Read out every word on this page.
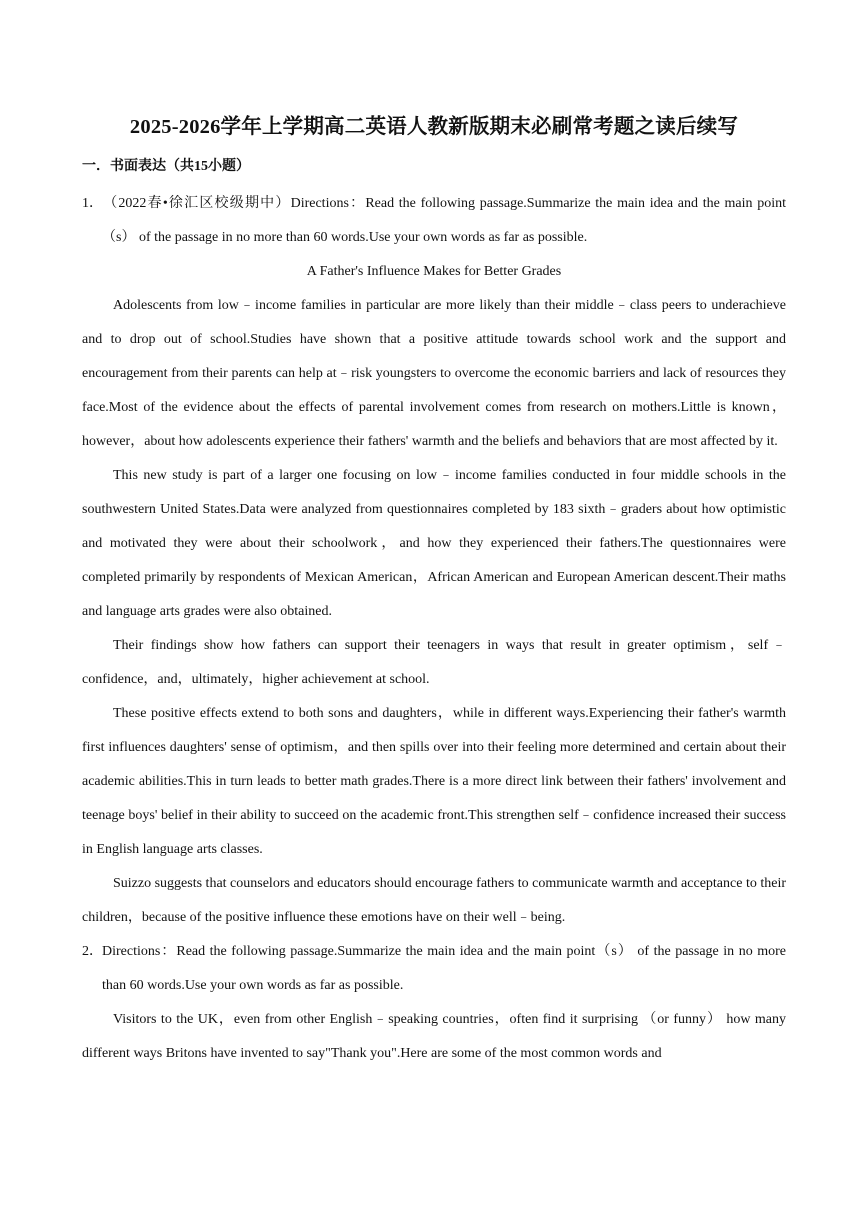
2025-2026学年上学期高二英语人教新版期末必刷常考题之读后续写
一．书面表达（共15小题）

1．（2022春•徐汇区校级期中）Directions：Read the following passage.Summarize the main idea and the main point（s） of the passage in no more than 60 words.Use your own words as far as possible.

A Father's Influence Makes for Better Grades

Adolescents from low﹣income families in particular are more likely than their middle﹣class peers to underachieve and to drop out of school.Studies have shown that a positive attitude towards school work and the support and encouragement from their parents can help at﹣risk youngsters to overcome the economic barriers and lack of resources they face.Most of the evidence about the effects of parental involvement comes from research on mothers.Little is known，however，about how adolescents experience their fathers' warmth and the beliefs and behaviors that are most affected by it.

This new study is part of a larger one focusing on low﹣income families conducted in four middle schools in the southwestern United States.Data were analyzed from questionnaires completed by 183 sixth﹣graders about how optimistic and motivated they were about their schoolwork，and how they experienced their fathers.The questionnaires were completed primarily by respondents of Mexican American，African American and European American descent.Their maths and language arts grades were also obtained.

Their findings show how fathers can support their teenagers in ways that result in greater optimism，self﹣confidence，and，ultimately，higher achievement at school.

These positive effects extend to both sons and daughters，while in different ways.Experiencing their father's warmth first influences daughters' sense of optimism，and then spills over into their feeling more determined and certain about their academic abilities.This in turn leads to better math grades.There is a more direct link between their fathers' involvement and teenage boys' belief in their ability to succeed on the academic front.This strengthen self﹣confidence increased their success in English language arts classes.

Suizzo suggests that counselors and educators should encourage fathers to communicate warmth and acceptance to their children，because of the positive influence these emotions have on their well﹣being.

2．Directions：Read the following passage.Summarize the main idea and the main point（s） of the passage in no more than 60 words.Use your own words as far as possible.

Visitors to the UK，even from other English﹣speaking countries，often find it surprising （or funny） how many different ways Britons have invented to say"Thank you".Here are some of the most common words and
